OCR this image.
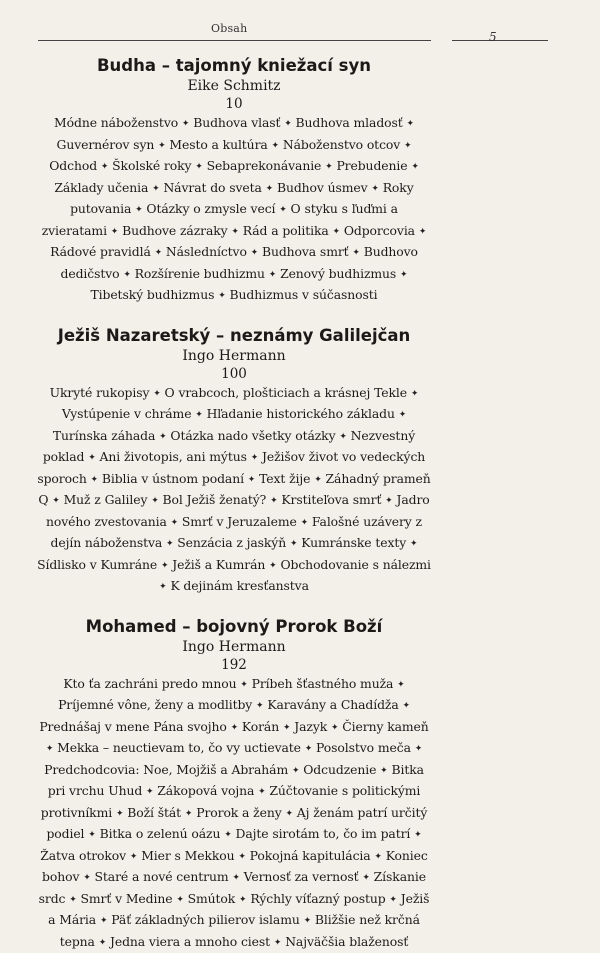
Obsah
5
Budha – tajomný kniežací syn
Eike Schmitz
10

Módne náboženstvo ✦ Budhova vlasť ✦ Budhova mladosť ✦ Guvernérov syn ✦ Mesto a kultúra ✦ Náboženstvo otcov ✦ Odchod ✦ Školské roky ✦ Sebaprekonávanie ✦ Prebudenie ✦ Základy učenia ✦ Návrat do sveta ✦ Budhov úsmev ✦ Roky putovania ✦ Otázky o zmysle vecí ✦ O styku s ľuďmi a zvieratami ✦ Budhove zázraky ✦ Rád a politika ✦ Odporcovia ✦ Rádové pravidlá ✦ Následníctvo ✦ Budhova smrť ✦ Budhovo dedičstvo ✦ Rozšírenie budhizmu ✦ Zenový budhizmus ✦ Tibetský budhizmus ✦ Budhizmus v súčasnosti

Ježiš Nazaretský – neznámy Galilejčan
Ingo Hermann
100

Ukryté rukopisy ✦ O vrabcoch, plošticiach a krásnej Tekle ✦ Vystúpenie v chráme ✦ Hľadanie historického základu ✦ Turínska záhada ✦ Otázka nado všetky otázky ✦ Nezvestný poklad ✦ Ani životopis, ani mýtus ✦ Ježišov život vo vedeckých sporoch ✦ Biblia v ústnom podaní ✦ Text žije ✦ Záhadný prameň Q ✦ Muž z Galiley ✦ Bol Ježiš ženatý? ✦ Krstiteľova smrť ✦ Jadro nového zvestovania ✦ Smrť v Jeruzaleme ✦ Falošné uzávery z dejín náboženstva ✦ Senzácia z jaskýň ✦ Kumránske texty ✦ Sídlisko v Kumráne ✦ Ježiš a Kumrán ✦ Obchodovanie s nálezmi ✦ K dejinám kresťanstva

Mohamed – bojovný Prorok Boží
Ingo Hermann
192

Kto ťa zachráni predo mnou ✦ Príbeh šťastného muža ✦ Príjemné vône, ženy a modlitby ✦ Karavány a Chadídža ✦ Prednášaj v mene Pána svojho ✦ Korán ✦ Jazyk ✦ Čierny kameň ✦ Mekka – neuctievam to, čo vy uctievate ✦ Posolstvo meča ✦ Predchodcovia: Noe, Mojžiš a Abrahám ✦ Odcudzenie ✦ Bitka pri vrchu Uhud ✦ Zákopová vojna ✦ Zúčtovanie s politickými protivníkmi ✦ Boží štát ✦ Prorok a ženy ✦ Aj ženám patrí určitý podiel ✦ Bitka o zelenú oázu ✦ Dajte sirotám to, čo im patrí ✦ Žatva otrokov ✦ Mier s Mekkou ✦ Pokojná kapitulácia ✦ Koniec bohov ✦ Staré a nové centrum ✦ Vernosť za vernosť ✦ Získanie srdc ✦ Smrť v Medine ✦ Smútok ✦ Rýchly víťazný postup ✦ Ježiš a Mária ✦ Päť základných pilierov islamu ✦ Bližšie než krčná tepna ✦ Jedna viera a mnoho ciest ✦ Najväčšia blaženosť
